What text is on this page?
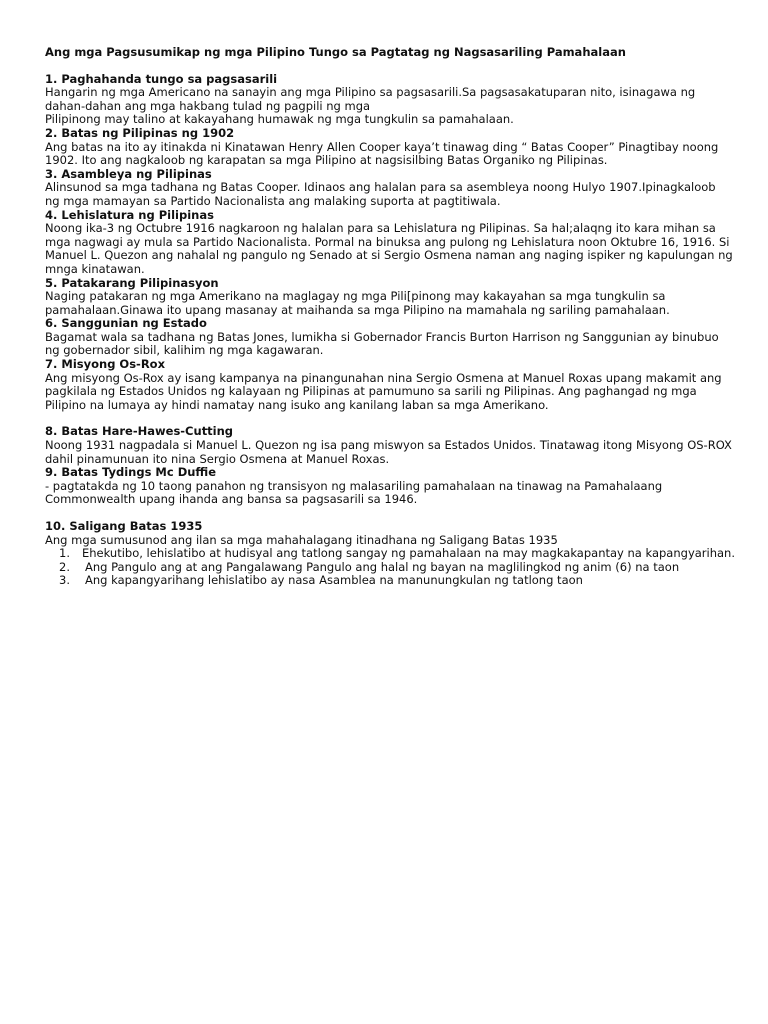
Ang mga Pagsusumikap ng mga Pilipino Tungo sa Pagtatag ng Nagsasariling Pamahalaan
1. Paghahanda tungo sa pagsasarili
Hangarin ng mga Americano na sanayin ang mga Pilipino sa pagsasarili.Sa pagsasakatuparan nito, isinagawa ng
dahan-dahan ang mga hakbang tulad ng pagpili ng mga
Pilipinong may talino at kakayahang humawak ng mga tungkulin sa pamahalaan.
2. Batas ng Pilipinas ng 1902
Ang batas na ito ay itinakda ni Kinatawan Henry Allen Cooper kaya’t tinawag ding “ Batas Cooper” Pinagtibay noong
1902. Ito ang nagkaloob ng karapatan sa mga Pilipino at nagsisilbing Batas Organiko ng Pilipinas.
3. Asambleya ng Pilipinas
Alinsunod sa mga tadhana ng Batas Cooper. Idinaos ang halalan para sa asembleya noong Hulyo 1907.Ipinagkaloob
ng mga mamayan sa Partido Nacionalista ang malaking suporta at pagtitiwala.
4. Lehislatura ng Pilipinas
Noong ika-3 ng Octubre 1916 nagkaroon ng halalan para sa Lehislatura ng Pilipinas. Sa hal;alaqng ito kara mihan sa
mga nagwagi ay mula sa Partido Nacionalista. Pormal na binuksa ang pulong ng Lehislatura noon Oktubre 16, 1916. Si
Manuel L. Quezon ang nahalal ng pangulo ng Senado at si Sergio Osmena naman ang naging ispiker ng kapulungan ng
mnga kinatawan.
5. Patakarang Pilipinasyon
Naging patakaran ng mga Amerikano na maglagay ng mga Pili[pinong may kakayahan sa mga tungkulin sa
pamahalaan.Ginawa ito upang masanay at maihanda sa mga Pilipino na mamahala ng sariling pamahalaan.
6. Sanggunian ng Estado
Bagamat wala sa tadhana ng Batas Jones, lumikha si Gobernador Francis Burton Harrison ng Sanggunian ay binubuo
ng gobernador sibil, kalihim ng mga kagawaran.
7. Misyong Os-Rox
Ang misyong Os-Rox ay isang kampanya na pinangunahan nina Sergio Osmena at Manuel Roxas upang makamit ang
pagkilala ng Estados Unidos ng kalayaan ng Pilipinas at pamumuno sa sarili ng Pilipinas. Ang paghangad ng mga
Pilipino na lumaya ay hindi namatay nang isuko ang kanilang laban sa mga Amerikano.
8. Batas Hare-Hawes-Cutting
Noong 1931 nagpadala si Manuel L. Quezon ng isa pang miswyon sa Estados Unidos. Tinatawag itong Misyong OS-ROX
dahil pinamunuan ito nina Sergio Osmena at Manuel Roxas.
9. Batas Tydings Mc Duffie
- pagtatakda ng 10 taong panahon ng transisyon ng malasariling pamahalaan na tinawag na Pamahalaang
Commonwealth upang ihanda ang bansa sa pagsasarili sa 1946.
10. Saligang Batas 1935
Ang mga sumusunod ang ilan sa mga mahahalagang itinadhana ng Saligang Batas 1935
1. Ehekutibo, lehislatibo at hudisyal ang tatlong sangay ng pamahalaan na may magkakapantay na kapangyarihan.
2. Ang Pangulo ang at ang Pangalawang Pangulo ang halal ng bayan na maglilingkod ng anim (6) na taon
3. Ang kapangyarihang lehislatibo ay nasa Asamblea na manunungkulan ng tatlong taon
